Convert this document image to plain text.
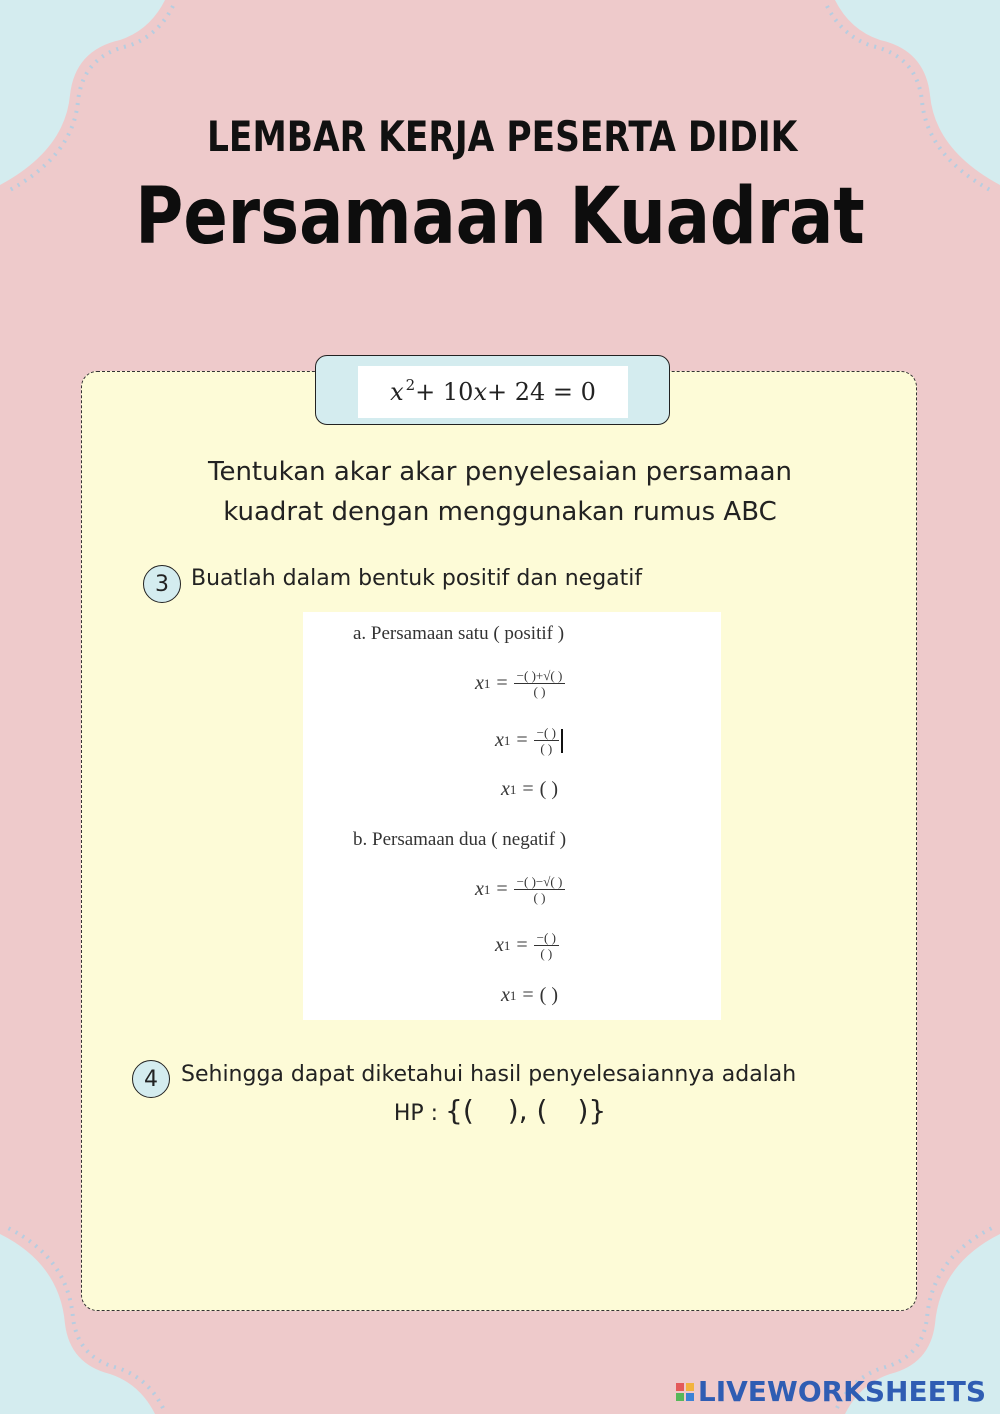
LEMBAR KERJA PESERTA DIDIK
Persamaan Kuadrat
$x^2 + 10$ x + 24 = 0
Tentukan akar akar penyelesaian persamaan
kuadrat dengan menggunakan rumus ABC
3	Buatlah dalam bentuk positif dan negatif
a. Persamaan satu ( positif )
x $1 = \frac{-( )+√( )}{( )}$
x $1 = \frac{-( )}{( )}$
x 1 = ( )
b. Persamaan dua ( negatif )
x $1 = \frac{-( )-√( )}{( )}$
x $1 = \frac{-( )}{( )}$
x 1 = ( )
4	Sehingga dapat diketahui hasil penyelesaiannya adalah
HP : {( ), ( )}
LIVEWORKSHEETS
